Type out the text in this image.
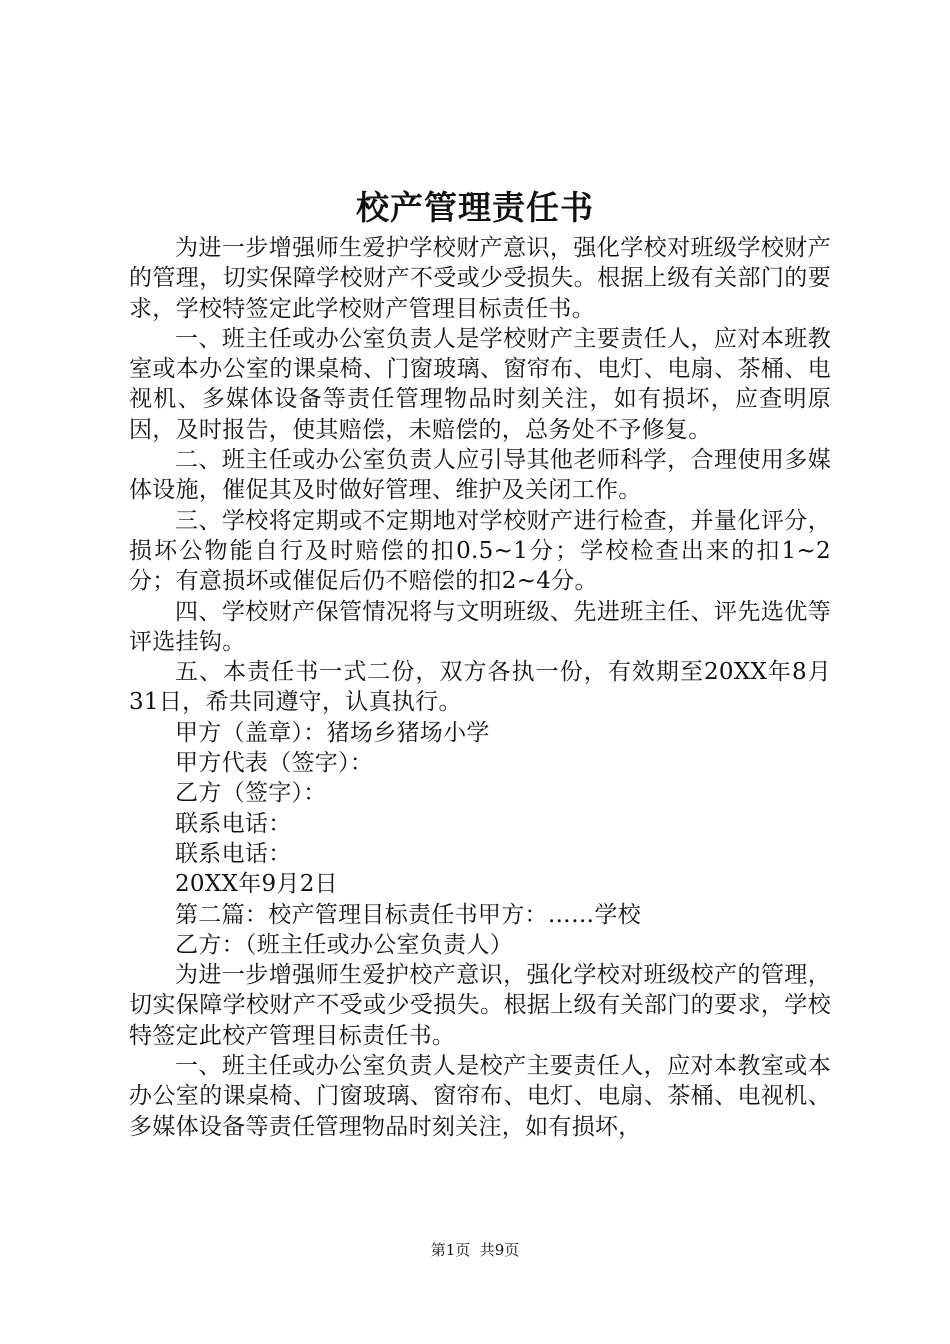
校产管理责任书

为进一步增强师生爱护学校财产意识，强化学校对班级学校财产的管理，切实保障学校财产不受或少受损失。根据上级有关部门的要求，学校特签定此学校财产管理目标责任书。

一、班主任或办公室负责人是学校财产主要责任人，应对本班教室或本办公室的课桌椅、门窗玻璃、窗帘布、电灯、电扇、茶桶、电视机、多媒体设备等责任管理物品时刻关注，如有损坏，应查明原因，及时报告，使其赔偿，未赔偿的，总务处不予修复。

二、班主任或办公室负责人应引导其他老师科学，合理使用多媒体设施，催促其及时做好管理、维护及关闭工作。

三、学校将定期或不定期地对学校财产进行检查，并量化评分，损坏公物能自行及时赔偿的扣0.5~1分；学校检查出来的扣1~2分；有意损坏或催促后仍不赔偿的扣2~4分。

四、学校财产保管情况将与文明班级、先进班主任、评先选优等评选挂钩。

五、本责任书一式二份，双方各执一份，有效期至20XX年8月31日，希共同遵守，认真执行。

甲方（盖章）：猪场乡猪场小学

甲方代表（签字）：

乙方（签字）：

联系电话：

联系电话：

20XX年9月2日

第二篇：校产管理目标责任书甲方：……学校

乙方：（班主任或办公室负责人）

为进一步增强师生爱护校产意识，强化学校对班级校产的管理，切实保障学校财产不受或少受损失。根据上级有关部门的要求，学校特签定此校产管理目标责任书。

一、班主任或办公室负责人是校产主要责任人，应对本教室或本办公室的课桌椅、门窗玻璃、窗帘布、电灯、电扇、茶桶、电视机、多媒体设备等责任管理物品时刻关注，如有损坏，

第1页  共9页
